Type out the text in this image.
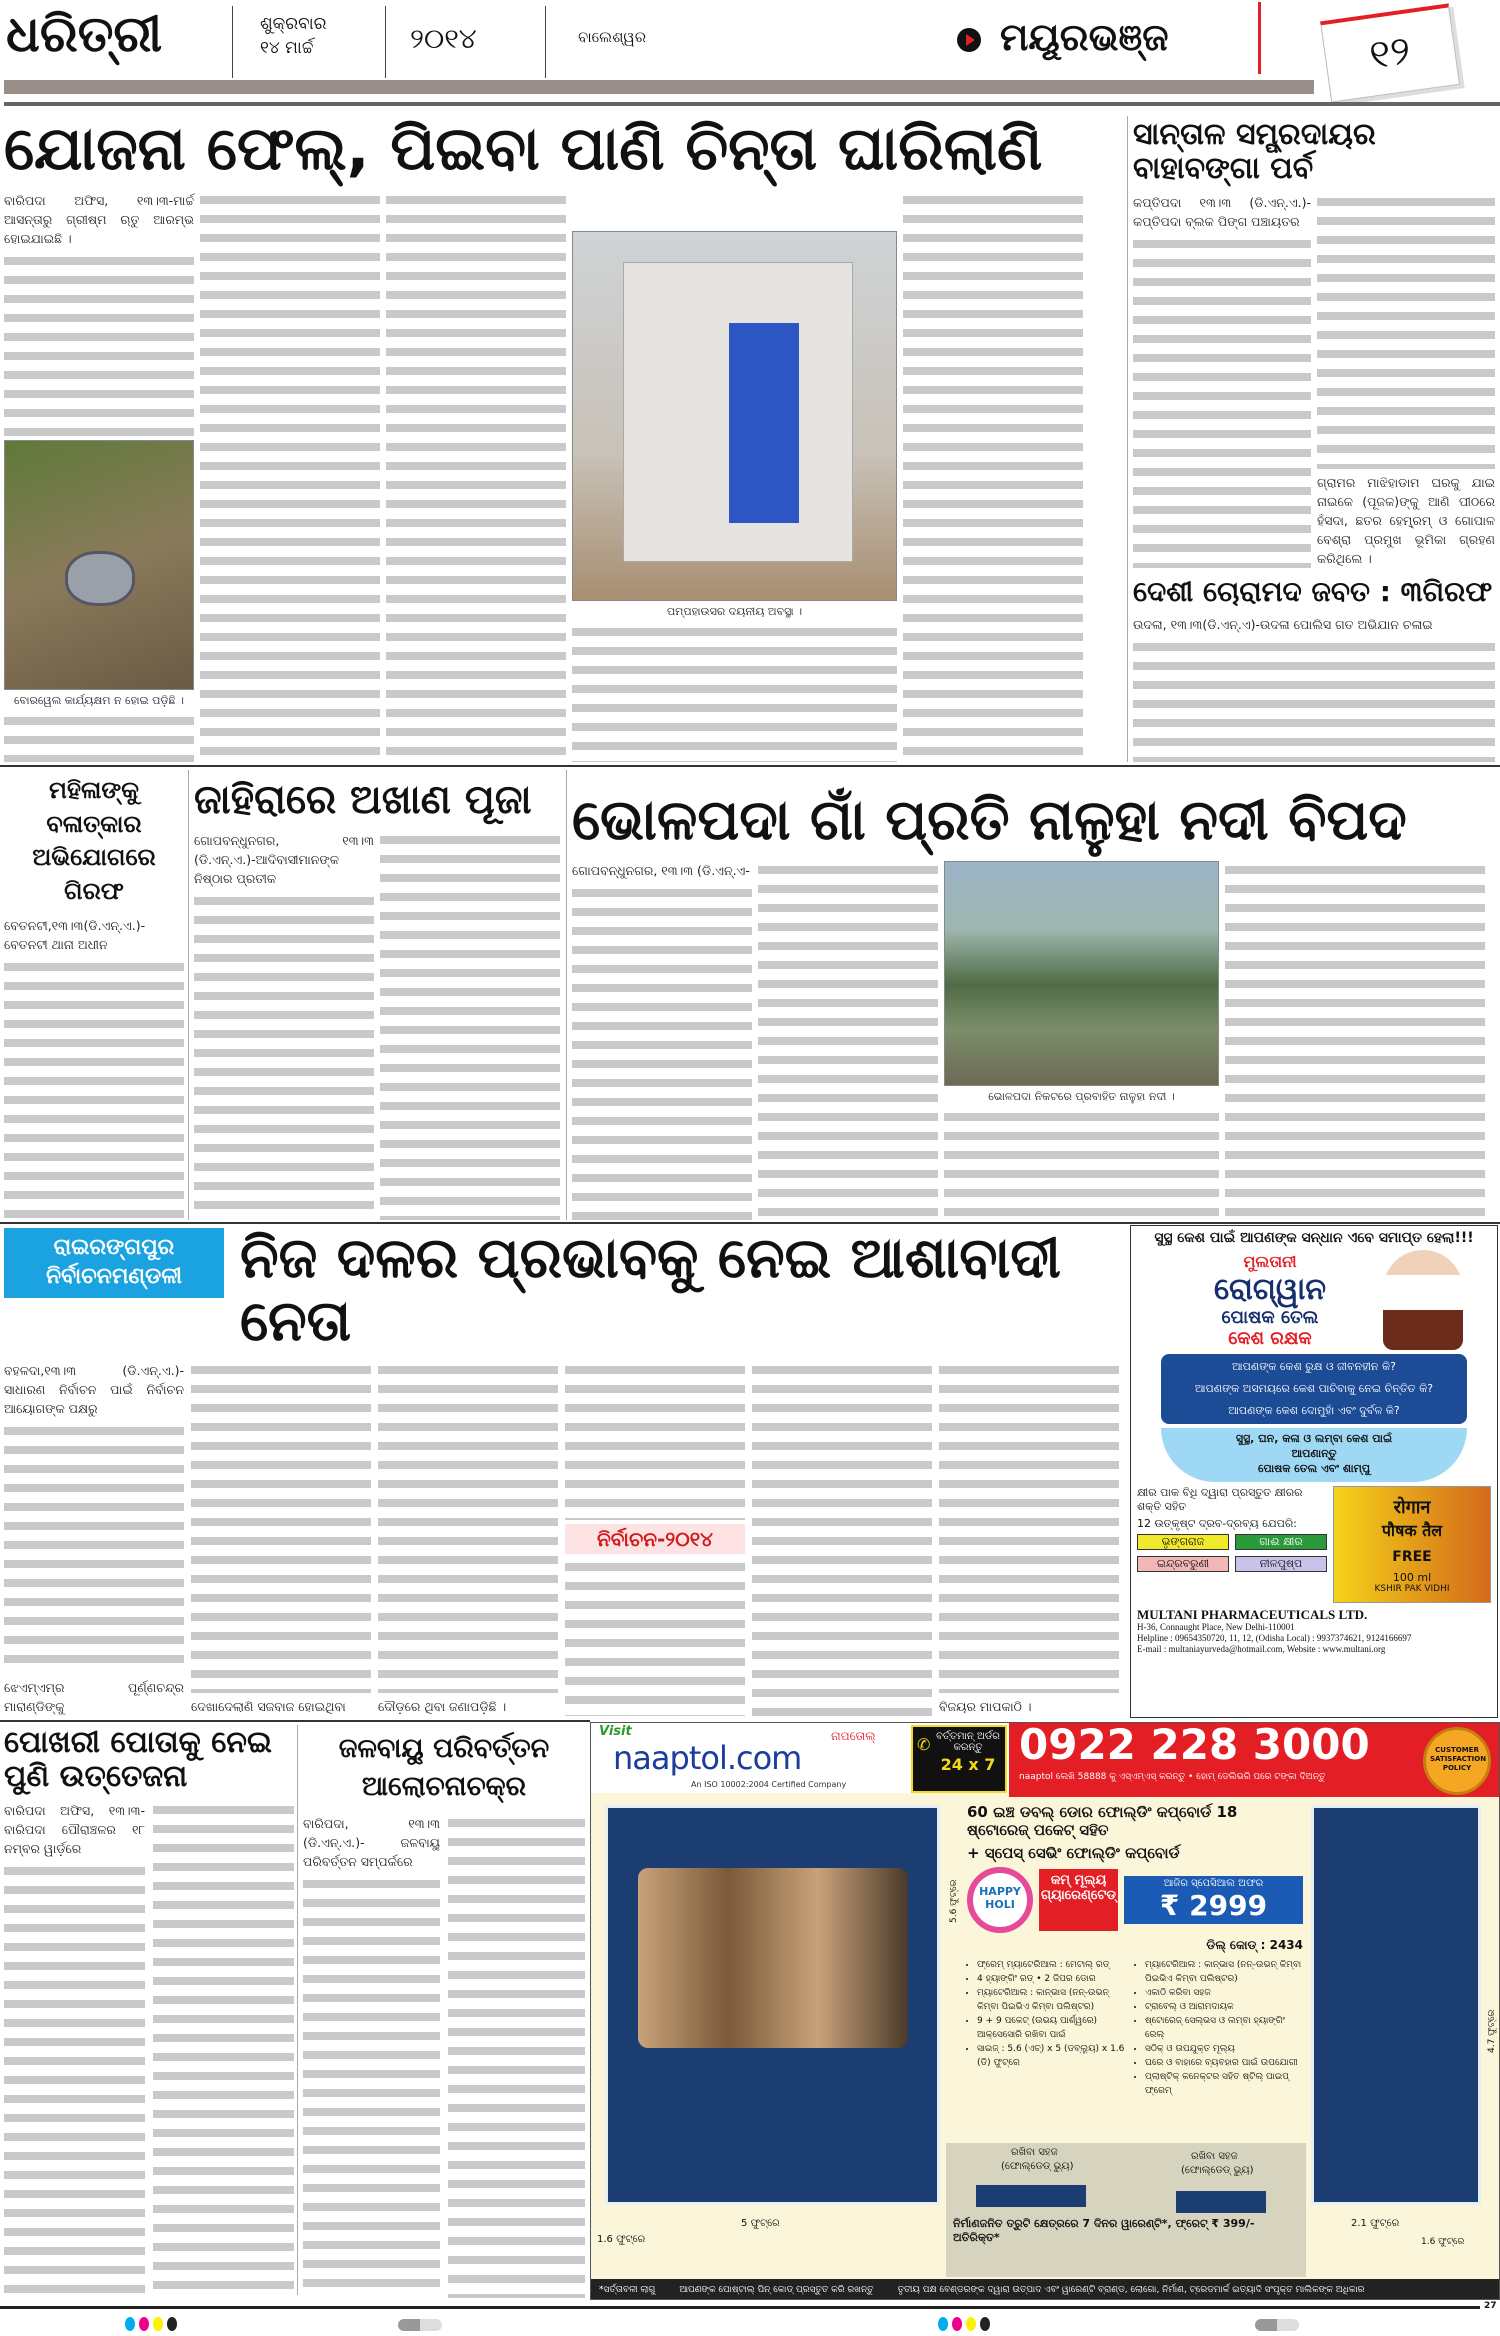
ଧରିତ୍ରୀ	ଶୁକ୍ରବାର
୧୪ ମାର୍ଚ୍ଚ	୨୦୧୪	ବାଲେଶ୍ୱର	ମୟୂରଭଞ୍ଜ	୧୨
ଯୋଜନା ଫେଲ୍, ପିଇବା ପାଣି ଚିନ୍ତା ଘାରିଲାଣି
ବାରିପଦା ଅଫିସ, ୧୩।୩-ମାର୍ଚ୍ଚ ଆସନ୍ତାରୁ ଗ୍ରୀଷ୍ମ ଋତୁ ଆରମ୍ଭ ହୋଇଯାଇଛି ।
ବୋରୱେଲ କାର୍ଯ୍ୟକ୍ଷମ ନ ହୋଇ ପଡ଼ିଛି ।
ପମ୍ପହାଉସର ଦୟନୀୟ ଅବସ୍ଥା ।
ସାନ୍ତାଳ ସମ୍ପ୍ରଦାୟର ବାହାବଙ୍ଗା ପର୍ବ
କପ୍ତିପଦା ୧୩।୩ (ଡି.ଏନ୍.ଏ.)- କପ୍ତିପଦା ବ୍ଲକ ପିଙ୍ଗ ପଞ୍ଚାୟତର
ଗ୍ରାମର ମାଝିହାଡାମ ଘରକୁ ଯାଇ ନାଇକେ (ପୂଜକ)ଙ୍କୁ ଆଣି ପୀଠରେ ହଁସଦା, ଛତର ହେମ୍ବ୍ରମ୍ ଓ ଗୋପାଳ ବେଶ୍ରା ପ୍ରମୁଖ ଭୂମିକା ଗ୍ରହଣ କରିଥିଲେ ।
ଦେଶୀ ଚୋରାମଦ ଜବତ : ୩ଗିରଫ
ଉଦଳା, ୧୩।୩(ଡି.ଏନ୍.ଏ)-ଉଦଳା ପୋଲିସ ଗତ ଅଭିଯାନ ଚଳାଇ
ମହିଳାଙ୍କୁ ବଳାତ୍କାର ଅଭିଯୋଗରେ ଗିରଫ
ବେତନଟୀ,୧୩।୩(ଡି.ଏନ୍.ଏ.)- ବେତନଟୀ ଥାନା ଅଧୀନ
ଜାହିରାରେ ଅଖାଣ ପୂଜା
ଗୋପବନ୍ଧୁନଗର, ୧୩।୩ (ଡି.ଏନ୍.ଏ.)-ଆଦିବାସୀମାନଙ୍କ ନିଷ୍ଠାର ପ୍ରତୀକ
ଭୋଳପଦା ଗାଁ ପ୍ରତି ନାଳୁହା ନଦୀ ବିପଦ
ଗୋପବନ୍ଧୁନଗର, ୧୩।୩ (ଡି.ଏନ୍.ଏ-
ଭୋଳପଦା ନିକଟରେ ପ୍ରବାହିତ ନାଳୁହା ନଦୀ ।
ରାଇରଙ୍ଗପୁର ନିର୍ବାଚନମଣ୍ଡଳୀ	ନିଜ ଦଳର ପ୍ରଭାବକୁ ନେଇ ଆଶାବାଦୀ ନେତା
ବହଳଦା,୧୩।୩ (ଡି.ଏନ୍.ଏ.)- ସାଧାରଣ ନିର୍ବାଚନ ପାଇଁ ନିର୍ବାଚନ ଆୟୋଗଙ୍କ ପକ୍ଷରୁ
ଝେଏମ୍ଏମ୍‌ର ପୂର୍ଣ୍ଣଚନ୍ଦ୍ର ମାରାଣ୍ଡିଙ୍କୁ	ଦେଖାଦେଲାଣି ସଜବାଜ ହୋଇଥିବା	ଦୌଡ଼ରେ ଥିବା ଜଣାପଡ଼ିଛି ।
ନିର୍ବାଚନ-୨୦୧୪
ବିଜୟର ମାପକାଠି ।
ସୁସ୍ଥ କେଶ ପାଇଁ ଆପଣଙ୍କ ସନ୍ଧାନ ଏବେ ସମାପ୍ତ ହେଲା!!!
ମୁଲତାନୀ
ରୋଗ୍ୱାନ
ପୋଷକ ତେଲ
କେଶ ରକ୍ଷକ
ଆପଣଙ୍କ କେଶ ରୁକ୍ଷ ଓ ଜୀବନହୀନ କି?
ଆପଣଙ୍କ ଅସମୟରେ କେଶ ପାଚିବାକୁ ନେଇ ଚିନ୍ତିତ କି?
ଆପଣଙ୍କ କେଶ ଦୋମୁହାଁ ଏବଂ ଦୁର୍ବଳ କି?
ସୁସ୍ଥ, ଘନ, କଳା ଓ ଲମ୍ବା କେଶ ପାଇଁ
ଆପଣାନ୍ତୁ
ପୋଷକ ତେଲ ଏବଂ ଶାମ୍ପୁ
କ୍ଷୀର ପାକ ବିଧି ଦ୍ୱାରା ପ୍ରସ୍ତୁତ କ୍ଷୀରର ଶକ୍ତି ସହିତ
12 ଉତ୍କୃଷ୍ଟ ଦ୍ରବ-ଦ୍ରବ୍ୟ ଯେପରି:
ଭୃଙ୍ଗରାଜ	ଗାଈ କ୍ଷୀର
ଇନ୍ଦ୍ରବରୁଣୀ	ନୀଳପୁଷ୍ପ
रोगान
पौषक तैल
FREE
100 ml
KSHIR PAK VIDHI
MULTANI PHARMACEUTICALS LTD.
H-36, Connaught Place, New Delhi-110001
Helpline : 09654350720, 11, 12, (Odisha Local) : 9937374621, 9124166697
E-mail : multaniayurveda@hotmail.com, Website : www.multani.org
ପୋଖରୀ ପୋତାକୁ ନେଇ ପୁଣି ଉତ୍ତେଜନା
ବାରିପଦା ଅଫିସ, ୧୩।୩-ବାରିପଦା ପୌରାଞ୍ଚଳର ୧୮ ନମ୍ବର ୱାର୍ଡ଼ରେ
ଜଳବାୟୁ ପରିବର୍ତ୍ତନ ଆଲୋଚନାଚକ୍ର
ବାରିପଦା, ୧୩।୩ (ଡି.ଏନ୍.ଏ.)- ଜଳବାୟୁ ପରିବର୍ତ୍ତନ ସମ୍ପର୍କରେ
Visit
naaptol.com
ନାପତୋଲ୍
An ISO 10002:2004 Certified Company
✆ ବର୍ତ୍ତମାନ୍ ଅର୍ଡର କରନ୍ତୁ
24 x 7 0922 228 3000
naaptol ଲେଖି 58888 କୁ ଏସ୍ଏମ୍ଏସ୍ କରନ୍ତୁ • ହୋମ୍ ଡେଲିଭରି ପରେ ଟଙ୍କା ଦିଅନ୍ତୁ
CUSTOMER SATISFACTION POLICY
60 ଇଞ୍ଚ ଡବଲ୍ ଡୋର ଫୋଲ୍ଡିଂ କପ୍‌ବୋର୍ଡ 18 ଷ୍ଟୋରେଜ୍ ପକେଟ୍ ସହିତ
+ ସ୍ପେସ୍ ସେଭିଂ ଫୋଲ୍ଡିଂ କପ୍‌ବୋର୍ଡ
HAPPY HOLI
କମ୍ ମୂଲ୍ୟ ଗ୍ୟାରେଣ୍ଟେଡ୍
ଆଜିର ସ୍ପେସିଆଲ ଅଫର
₹ 2999
ଡିଲ୍ କୋଡ୍ : 2434
• ଫ୍ରେମ୍ ମ୍ୟାଟେରିଆଲ : ମେଟାଲ୍ ରଡ୍
• 4 ହ୍ୟାଙ୍ଗିଂ ରଡ୍ • 2 ଜିପର ଡୋର
• ମ୍ୟାଟେରିଆଲ : କାନ୍‌ଭାସ (ନନ୍-ଉଭନ୍ କିମ୍ବା ପିଇଭିଏ କିମ୍ବା ପଲିଷ୍ଟର)
• 9 + 9 ପକେଟ୍ (ଉଭୟ ପାର୍ଶ୍ୱରେ) ଆକ୍‌ସେସୋରି ରଖିବା ପାଇଁ
• ସାଇଜ୍ : 5.6 (ଏଚ୍) x 5 (ଡବ୍ଲ୍ୟୁ) x 1.6 (ଡି) ଫୁଟ୍‌ରେ
• ମ୍ୟାଟେରିଆଲ : କାନ୍‌ଭାସ (ନନ୍-ଉଭନ୍ କିମ୍ବା ପିଇଭିଏ କିମ୍ବା ପଲିଷ୍ଟର)
• ଏକାଠି କରିବା ସହଜ
• ଟ୍ରାବେଲ୍ ଓ ଆରାମଦାୟକ
• ଷ୍ଟୋରେଜ୍ ସେଲ୍‌ଭସ ଓ ଲମ୍ବା ହ୍ୟାଙ୍ଗିଂ ରେଲ୍
• ସଠିକ୍ ଓ ଉପଯୁକ୍ତ ମୂଲ୍ୟ
• ଘରେ ଓ ବାହାରେ ବ୍ୟବହାର ପାଇଁ ଉପଯୋଗୀ
• ପ୍ଲାଷ୍ଟିକ୍ କନେକ୍ଟର ସହିତ ଷ୍ଟିଲ୍ ପାଇପ୍ ଫ୍ରେମ୍
ରଖିବା ସହଜ
(ଫୋଲ୍‌ଡେଡ୍ ଭ୍ୟୁ)
ରଖିବା ସହଜ
(ଫୋଲ୍‌ଡେଡ୍ ଭ୍ୟୁ)
ନିର୍ମାଣଜନିତ ତ୍ରୁଟି କ୍ଷେତ୍ରରେ 7 ଦିନର ୱାରେଣ୍ଟି*, ଫ୍ରେଟ୍ ₹ 399/- ଅତିରିକ୍ତ*
5.6 ଫୁଟ୍‌ରେ
5 ଫୁଟ୍‌ରେ
1.6 ଫୁଟ୍‌ରେ
4.7 ଫୁଟ୍‌ରେ
2.1 ଫୁଟ୍‌ରେ
1.6 ଫୁଟ୍‌ରେ
*ସର୍ତ୍ତାବଳୀ ଲାଗୁ	ଆପଣଙ୍କ ପୋଷ୍ଟାଲ୍ ପିନ୍ କୋଡ୍ ପ୍ରସ୍ତୁତ କରି ରଖନ୍ତୁ	ତୃତୀୟ ପକ୍ଷ ବେଣ୍ଡରଙ୍କ ଦ୍ୱାରା ଉତ୍ପାଦ ଏବଂ ୱାରେଣ୍ଟି ବ୍ରାଣ୍ଡ, ଲୋଗୋ, ନିର୍ମାଣ, ଟ୍ରେଡମାର୍କ ଇତ୍ୟାଦି ସଂପୃକ୍ତ ମାଲିକଙ୍କ ଅଧିକାର
27
